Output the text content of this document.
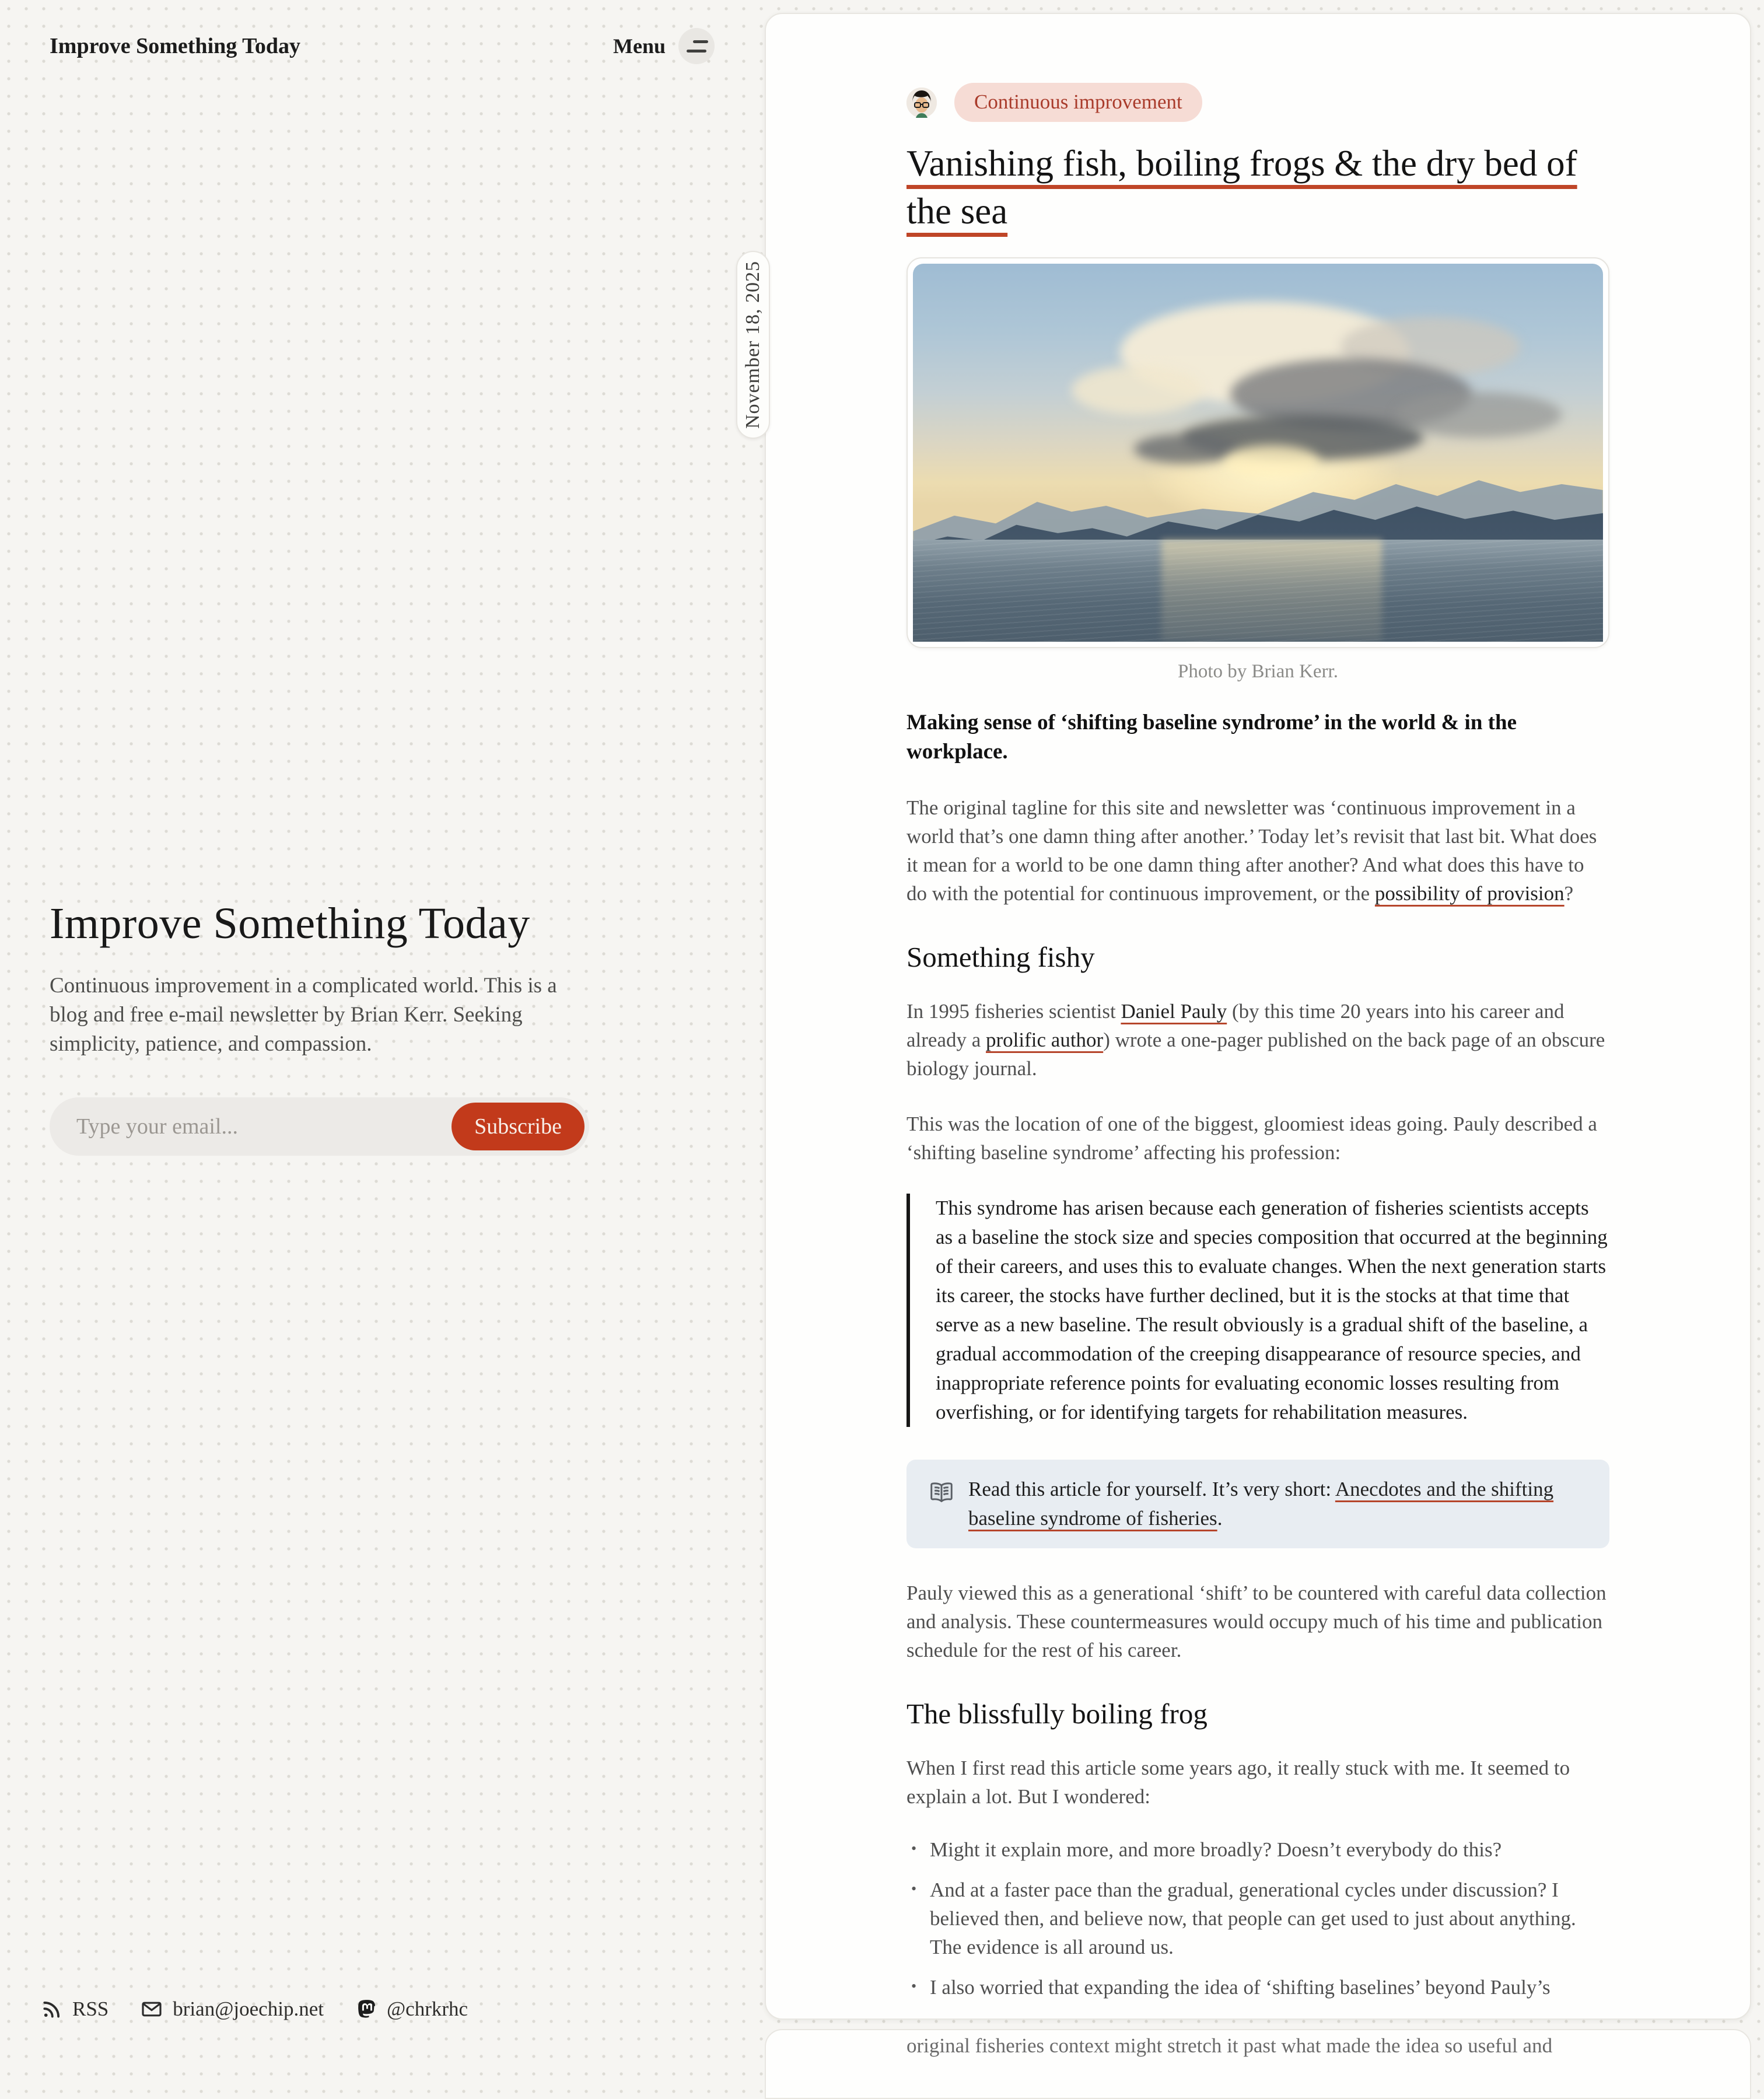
Improve Something Today	Menu
Improve Something Today

Continuous improvement in a complicated world. This is a blog and free e-mail newsletter by Brian Kerr. Seeking simplicity, patience, and compassion.

Type your email...
Subscribe
RSS	brian@joechip.net	@chrkrhc
November 18, 2025
Continuous improvement
Vanishing fish, boiling frogs & the dry bed of the sea
Photo by Brian Kerr.

Making sense of ‘shifting baseline syndrome’ in the world & in the workplace.

The original tagline for this site and newsletter was ‘continuous improvement in a world that’s one damn thing after another.’ Today let’s revisit that last bit. What does it mean for a world to be one damn thing after another? And what does this have to do with the potential for continuous improvement, or the possibility of provision?

Something fishy

In 1995 fisheries scientist Daniel Pauly (by this time 20 years into his career and already a prolific author) wrote a one-pager published on the back page of an obscure biology journal.

This was the location of one of the biggest, gloomiest ideas going. Pauly described a ‘shifting baseline syndrome’ affecting his profession:

This syndrome has arisen because each generation of fisheries scientists accepts as a baseline the stock size and species composition that occurred at the beginning of their careers, and uses this to evaluate changes. When the next generation starts its career, the stocks have further declined, but it is the stocks at that time that serve as a new baseline. The result obviously is a gradual shift of the baseline, a gradual accommodation of the creeping disappearance of resource species, and inappropriate reference points for evaluating economic losses resulting from overfishing, or for identifying targets for rehabilitation measures.
Read this article for yourself. It’s very short: Anecdotes and the shifting baseline syndrome of fisheries.

Pauly viewed this as a generational ‘shift’ to be countered with careful data collection and analysis. These countermeasures would occupy much of his time and publication schedule for the rest of his career.

The blissfully boiling frog

When I first read this article some years ago, it really stuck with me. It seemed to explain a lot. But I wondered:

• Might it explain more, and more broadly? Doesn’t everybody do this?
• And at a faster pace than the gradual, generational cycles under discussion? I believed then, and believe now, that people can get used to just about anything. The evidence is all around us.
• I also worried that expanding the idea of ‘shifting baselines’ beyond Pauly’s

original fisheries context might stretch it past what made the idea so useful and
